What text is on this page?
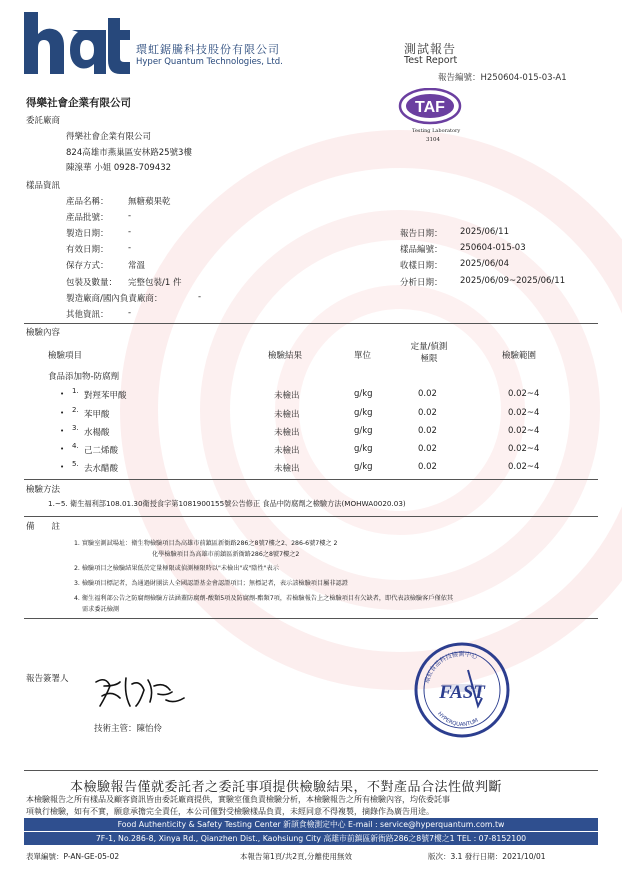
環虹鋸騰科技股份有限公司
Hyper Quantum Technologies, Ltd.
測試報告
Test Report
報告編號：H250604-015-03-A1
TAF
Testing Laboratory
3104
得樂社會企業有限公司
委託廠商
得樂社會企業有限公司
824高雄市燕巢區安林路25號3樓
陳湶華 小姐 0928-709432
樣品資訊
產品名稱： 無糖蘋果乾
產品批號： -
製造日期： -
有效日期： -
保存方式： 常溫
包裝及數量： 完整包裝/1 件
製造廠商/國內負責廠商：	-
其他資訊： -
報告日期： 2025/06/11
樣品編號： 250604-015-03
收樣日期： 2025/06/04
分析日期： 2025/06/09~2025/06/11
檢驗內容
檢驗項目	檢驗結果	單位
定量/偵測
極限	檢驗範圍
食品添加物-防腐劑
• 1. 對羥苯甲酸	未檢出	g/kg	0.02	0.02~4
• 2. 苯甲酸	未檢出	g/kg	0.02	0.02~4
• 3. 水楊酸	未檢出	g/kg	0.02	0.02~4
• 4. 己二烯酸	未檢出	g/kg	0.02	0.02~4
• 5. 去水醋酸	未檢出	g/kg	0.02	0.02~4
檢驗方法
1.~5. 衛生福利部108.01.30衛授食字第1081900155號公告修正 食品中防腐劑之檢驗方法(MOHWA0020.03)
備　　註
1. 實驗室測試場址：衛生物檢驗項目為高雄市前鎮區新衙路286之8號7樓之2、286-6號7樓之 2
化學檢驗項目為高雄市前鎮區新衙路286之8號7樓之2
2. 檢驗項目之檢驗結果低於定量極限或偵測極限時以"未檢出"或"陰性"表示
3. 檢驗項目標記者，為通過財團法人全國認證基金會認證項目；無標記者，表示該檢驗項目屬非認證
4. 衛生福利部公告之防腐劑檢驗方法涵蓋防腐劑-酸類5項及防腐劑-酯類7項，若檢驗報告上之檢驗項目有欠缺者，即代表該檢驗客戶僅依其
需求委託檢測
報告簽署人
技術主管：陳怡伶
環虹食品科技檢測中心
HYPERQUANTUM
FAST
本檢驗報告僅就委託者之委託事項提供檢驗結果，不對產品合法性做判斷
本檢驗報告之所有樣品及顧客資訊皆由委託廠商提供，實驗室僅負責檢驗分析，本檢驗報告之所有檢驗內容，均依委託事
項執行檢驗，如有不實，願意承擔完全責任，本公司僅對受檢驗樣品負責，未經同意不得複製，摘錄作為廣告用途。
Food Authenticity & Safety Testing Center 新頡食檢測定中心 E-mail : service@hyperquantum.com.tw
7F-1, No.286-8, Xinya Rd., Qianzhen Dist., Kaohsiung City 高雄市前鎮區新衙路286之8號7樓之1 TEL : 07-8152100
表單編號：P-AN-GE-05-02	本報告第1頁/共2頁,分離使用無效	版次：3.1 發行日期：2021/10/01
